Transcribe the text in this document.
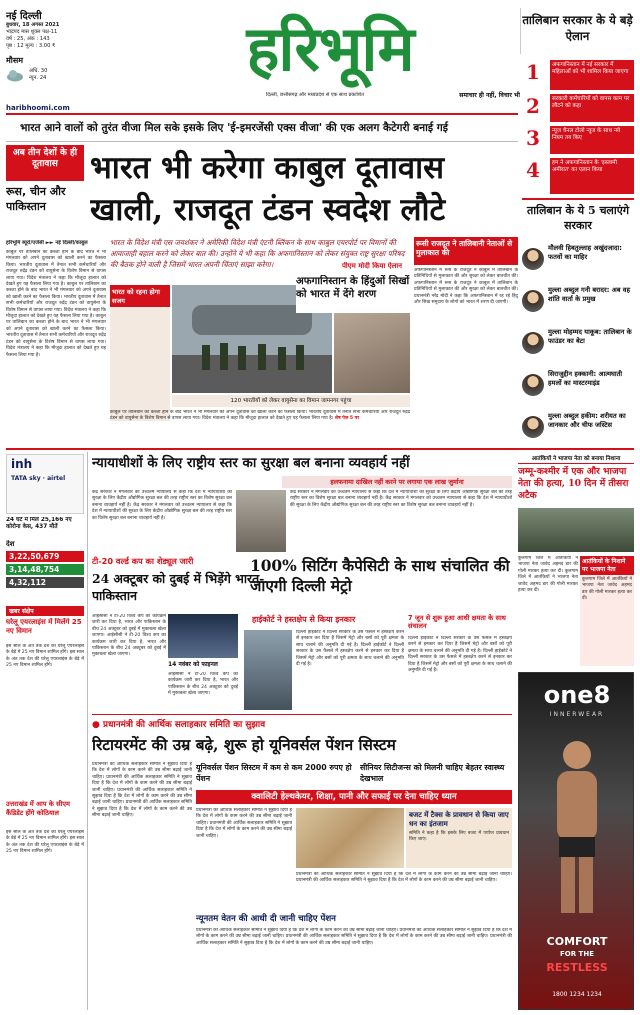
नई दिल्ली
बुधवार, 18 अगस्त 2021
भाद्रपद मास शुक्ल पक्ष-11
वर्ष : 25, अंक : 143
पृष्ठ : 12 मूल्य : 3.00 ₹
मौसम
अधि. 30
न्यून. 24	हरिभूमि
दिल्ली, छत्तीसगढ़ और मध्यप्रदेश से एक साथ प्रकाशित	समाचार ही नहीं, विचार भी
haribhoomi.com
भारत आने वालों को तुरंत वीजा मिल सके इसके लिए 'ई-इमरजेंसी एक्स वीजा' की एक अलग कैटेगरी बनाई गई
अब तीन देशों के ही दूतावास
रूस, चीन और पाकिस्तान
भारत भी करेगा काबुल दूतावास
खाली, राजदूत टंडन स्वदेश लौटे
हरिभूमि ब्यूरो/एजेंसी ►► नई दिल्ली/काबुल	भारत के विदेश मंत्री एस जयशंकर ने अमेरिकी विदेश मंत्री एंटनी ब्लिंकन के साथ काबुल एयरपोर्ट पर विमानों की आवाजाही बहाल करने को लेकर बात की। उन्होंने ये भी कहा कि अफगानिस्तान को लेकर संयुक्त राष्ट्र सुरक्षा परिषद की बैठक होने वाली है जिसमें भारत अपनी चिंताएं साझा करेगा।
काबुल पर तालिबान का कब्जा होने के बाद भारत ने भी मंगलवार को अपने दूतावास को खाली करने का फैसला किया। भारतीय दूतावास में तैनात सभी कर्मचारियों और राजदूत रुद्रेंद्र टंडन को वायुसेना के विशेष विमान से वापस लाया गया। विदेश मंत्रालय ने कहा कि मौजूदा हालात को देखते हुए यह फैसला लिया गया है। काबुल पर तालिबान का कब्जा होने के बाद भारत ने भी मंगलवार को अपने दूतावास को खाली करने का फैसला किया। भारतीय दूतावास में तैनात सभी कर्मचारियों और राजदूत रुद्रेंद्र टंडन को वायुसेना के विशेष विमान से वापस लाया गया। विदेश मंत्रालय ने कहा कि मौजूदा हालात को देखते हुए यह फैसला लिया गया है। काबुल पर तालिबान का कब्जा होने के बाद भारत ने भी मंगलवार को अपने दूतावास को खाली करने का फैसला किया। भारतीय दूतावास में तैनात सभी कर्मचारियों और राजदूत रुद्रेंद्र टंडन को वायुसेना के विशेष विमान से वापस लाया गया। विदेश मंत्रालय ने कहा कि मौजूदा हालात को देखते हुए यह फैसला लिया गया है।
भारत को रहना होगा सजग
120 भारतीयों को लेकर वायुसेना का विमान जामनगर पहुंचा
काबुल पर तालिबान का कब्जा होने के बाद भारत ने भी मंगलवार को अपने दूतावास को खाली करने का फैसला किया। भारतीय दूतावास में तैनात सभी कर्मचारियों और राजदूत रुद्रेंद्र टंडन को वायुसेना के विशेष विमान से वापस लाया गया। विदेश मंत्रालय ने कहा कि मौजूदा हालात को देखते हुए यह फैसला लिया गया है। शेष पेज 5 पर
रूसी राजदूत ने तालिबानी नेताओं से मुलाकात की
अफगानिस्तान में रूस के राजदूत ने काबुल में तालिबान के प्रतिनिधियों से मुलाकात की और सुरक्षा को लेकर बातचीत की। अफगानिस्तान में रूस के राजदूत ने काबुल में तालिबान के प्रतिनिधियों से मुलाकात की और सुरक्षा को लेकर बातचीत की। प्रधानमंत्री नरेंद्र मोदी ने कहा कि अफगानिस्तान में रह रहे हिंदू और सिख समुदाय के लोगों को भारत में शरण दी जाएगी।
पीएम मोदी किया ऐलान
अफगानिस्तान के हिंदुओं सिखों को भारत में देंगे शरण
तालिबान सरकार के ये बड़े ऐलान
1	अफगानिस्तान में नई सरकार में महिलाओं को भी शामिल किया जाएगा
2	सरकारी कर्मचारियों को वापस काम पर लौटने को कहा
3	न्यूज चैनल टोलो न्यूज के साथ नये नियम तय किए
4	हम ने अफगानिस्तान के 'इस्लामी अमीरात' का एलान किया
तालिबान के ये 5 चलाएंगे सरकार
मौलवी हिबतुल्लाह अखुंदजादा: फतवों का माहिर
मुल्ला अब्दुल गनी बरादर: अब वह शांति वार्ता के प्रमुख
मुल्ला मोहम्मद याकूब: तालिबान के फाउंडर का बेटा
सिराजुद्दीन हक्कानी: आत्मघाती हमलों का मास्टरमाइंड
मुल्ला अब्दुल हकीम: शरीयत का जानकार और चीफ जस्टिस
inh
TATA sky ⋅ airtel
24 घंटे में मिले 25,166 नए कोरोना केस, 437 मौतें
देश
3,22,50,679
3,14,48,754
4,32,112
खबर संक्षेप
घरेलू एयरलाइंस में मिलेंगे 25 नए विमान
इस साल के अंत तक देश की घरेलू एयरलाइंस के बेड़े में 25 नए विमान शामिल होंगे। इस साल के अंत तक देश की घरेलू एयरलाइंस के बेड़े में 25 नए विमान शामिल होंगे।
उत्तराखंड में आप के सीएम कैंडिडेट होंगे कोठियाल
इस साल के अंत तक देश की घरेलू एयरलाइंस के बेड़े में 25 नए विमान शामिल होंगे। इस साल के अंत तक देश की घरेलू एयरलाइंस के बेड़े में 25 नए विमान शामिल होंगे।
न्यायाधीशों के लिए राष्ट्रीय स्तर का सुरक्षा बल बनाना व्यवहार्य नहीं
हलफनामा दाखिल नहीं करने पर लगाया एक लाख जुर्माना
केंद्र सरकार ने मंगलवार को उच्चतम न्यायालय से कहा कि देश में न्यायाधीशों की सुरक्षा के लिए केंद्रीय औद्योगिक सुरक्षा बल की तरह राष्ट्रीय स्तर का विशेष सुरक्षा बल बनाना व्यवहार्य नहीं है। केंद्र सरकार ने मंगलवार को उच्चतम न्यायालय से कहा कि देश में न्यायाधीशों की सुरक्षा के लिए केंद्रीय औद्योगिक सुरक्षा बल की तरह राष्ट्रीय स्तर का विशेष सुरक्षा बल बनाना व्यवहार्य नहीं है।
केंद्र सरकार ने मंगलवार को उच्चतम न्यायालय से कहा कि देश में न्यायाधीशों की सुरक्षा के लिए केंद्रीय औद्योगिक सुरक्षा बल की तरह राष्ट्रीय स्तर का विशेष सुरक्षा बल बनाना व्यवहार्य नहीं है। केंद्र सरकार ने मंगलवार को उच्चतम न्यायालय से कहा कि देश में न्यायाधीशों की सुरक्षा के लिए केंद्रीय औद्योगिक सुरक्षा बल की तरह राष्ट्रीय स्तर का विशेष सुरक्षा बल बनाना व्यवहार्य नहीं है।
आतंकियों ने भाजपा नेता को बनाया निशाना
जम्मू-कश्मीर में एक और भाजपा नेता की हत्या, 10 दिन में तीसरा अटैक
कुलगाम जिले में आतंकियों ने भाजपा नेता जावेद अहमद डार की गोली मारकर हत्या कर दी। कुलगाम जिले में आतंकियों ने भाजपा नेता जावेद अहमद डार की गोली मारकर हत्या कर दी।
आतंकियों के निशाने पर भाजपा नेता
कुलगाम जिले में आतंकियों ने भाजपा नेता जावेद अहमद डार की गोली मारकर हत्या कर दी।
टी-20 वर्ल्ड कप का शेड्यूल जारी
24 अक्टूबर को दुबई में भिड़ेंगे भारत-पाकिस्तान
आईसीसी ने टी-20 विश्व कप का कार्यक्रम जारी कर दिया है, भारत और पाकिस्तान के बीच 24 अक्टूबर को दुबई में मुकाबला खेला जाएगा। आईसीसी ने टी-20 विश्व कप का कार्यक्रम जारी कर दिया है, भारत और पाकिस्तान के बीच 24 अक्टूबर को दुबई में मुकाबला खेला जाएगा।
14 नवंबर को फाइनल
आईसीसी ने टी-20 विश्व कप का कार्यक्रम जारी कर दिया है, भारत और पाकिस्तान के बीच 24 अक्टूबर को दुबई में मुकाबला खेला जाएगा।
100% सिटिंग कैपेसिटी के साथ संचालित की जाएगी दिल्ली मेट्रो
हाईकोर्ट ने हस्तक्षेप से किया इनकार
दिल्ली हाईकोर्ट ने दिल्ली सरकार के उस फैसले में हस्तक्षेप करने से इनकार कर दिया है जिसमें मेट्रो और बसों को पूरी क्षमता के साथ चलाने की अनुमति दी गई है। दिल्ली हाईकोर्ट ने दिल्ली सरकार के उस फैसले में हस्तक्षेप करने से इनकार कर दिया है जिसमें मेट्रो और बसों को पूरी क्षमता के साथ चलाने की अनुमति दी गई है।
7 जून से शुरू हुआ आधी क्षमता के साथ संचालन
दिल्ली हाईकोर्ट ने दिल्ली सरकार के उस फैसले में हस्तक्षेप करने से इनकार कर दिया है जिसमें मेट्रो और बसों को पूरी क्षमता के साथ चलाने की अनुमति दी गई है। दिल्ली हाईकोर्ट ने दिल्ली सरकार के उस फैसले में हस्तक्षेप करने से इनकार कर दिया है जिसमें मेट्रो और बसों को पूरी क्षमता के साथ चलाने की अनुमति दी गई है।
● प्रधानमंत्री की आर्थिक सलाहकार समिति का सुझाव
रिटायरमेंट की उम्र बढ़े, शुरू हो यूनिवर्सल पेंशन सिस्टम
प्रधानमंत्री की आर्थिक सलाहकार समिति ने सुझाव दिया है कि देश में लोगों के काम करने की उम्र सीमा बढ़ाई जानी चाहिए। प्रधानमंत्री की आर्थिक सलाहकार समिति ने सुझाव दिया है कि देश में लोगों के काम करने की उम्र सीमा बढ़ाई जानी चाहिए। प्रधानमंत्री की आर्थिक सलाहकार समिति ने सुझाव दिया है कि देश में लोगों के काम करने की उम्र सीमा बढ़ाई जानी चाहिए। प्रधानमंत्री की आर्थिक सलाहकार समिति ने सुझाव दिया है कि देश में लोगों के काम करने की उम्र सीमा बढ़ाई जानी चाहिए।
यूनिवर्सल पेंशन सिस्टम में कम से कम 2000 रुपए हो पेंशन
सीनियर सिटीजन्स को मिलनी चाहिए बेहतर स्वास्थ्य देखभाल
क्वालिटी हेल्थकेयर, शिक्षा, पानी और सफाई पर देना चाहिए ध्यान
प्रधानमंत्री की आर्थिक सलाहकार समिति ने सुझाव दिया है कि देश में लोगों के काम करने की उम्र सीमा बढ़ाई जानी चाहिए। प्रधानमंत्री की आर्थिक सलाहकार समिति ने सुझाव दिया है कि देश में लोगों के काम करने की उम्र सीमा बढ़ाई जानी चाहिए।
बजट में टैक्स के प्रावधान से किया जाए धन का इंतजाम
समिति ने कहा है कि इसके लिए बजट में पर्याप्त प्रावधान किए जाएं।
प्रधानमंत्री की आर्थिक सलाहकार समिति ने सुझाव दिया है कि देश में लोगों के काम करने की उम्र सीमा बढ़ाई जानी चाहिए। प्रधानमंत्री की आर्थिक सलाहकार समिति ने सुझाव दिया है कि देश में लोगों के काम करने की उम्र सीमा बढ़ाई जानी चाहिए।
न्यूनतम वेतन की आधी दी जानी चाहिए पेंशन
प्रधानमंत्री की आर्थिक सलाहकार समिति ने सुझाव दिया है कि देश में लोगों के काम करने की उम्र सीमा बढ़ाई जानी चाहिए। प्रधानमंत्री की आर्थिक सलाहकार समिति ने सुझाव दिया है कि देश में लोगों के काम करने की उम्र सीमा बढ़ाई जानी चाहिए। प्रधानमंत्री की आर्थिक सलाहकार समिति ने सुझाव दिया है कि देश में लोगों के काम करने की उम्र सीमा बढ़ाई जानी चाहिए। प्रधानमंत्री की आर्थिक सलाहकार समिति ने सुझाव दिया है कि देश में लोगों के काम करने की उम्र सीमा बढ़ाई जानी चाहिए।
one8
INNERWEAR
COMFORT
FOR THE
RESTLESS
1800 1234 1234
